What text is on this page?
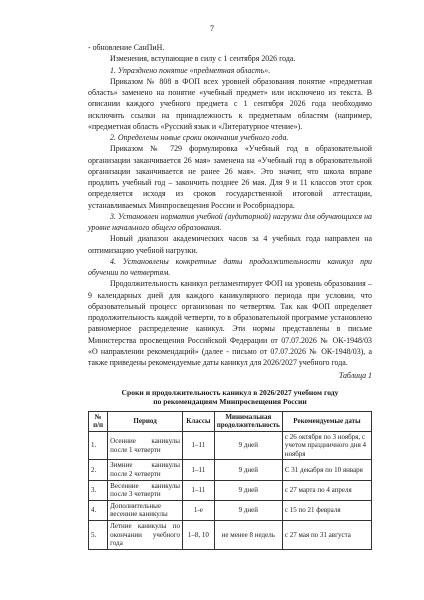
7

- обновление СанПиН.

Изменения, вступающие в силу с 1 сентября 2026 года.

1. Упразднено понятие «предметная область».

Приказом № 808 в ФОП всех уровней образования понятие «предметная область» заменено на понятие «учебный предмет» или исключено из текста. В описании каждого учебного предмета с 1 сентября 2026 года необходимо исключить ссылки на принадлежность к предметным областям (например, «предметная область «Русский язык и «Литературное чтение»).

2. Определены новые сроки окончания учебного года.

Приказом № 729 формулировка «Учебный год в образовательной организации заканчивается 26 мая» заменена на «Учебный год в образовательной организации заканчивается не ранее 26 мая». Это значит, что школа вправе продлить учебный год – закончить позднее 26 мая. Для 9 и 11 классов этот срок определяется исходя из сроков государственной итоговой аттестации, устанавливаемых Минпросвещения России и Рособрнадзора.

3. Установлен норматив учебной (аудиторной) нагрузки для обучающихся на уровне начального общего образования.

Новый диапазон академических часов за 4 учебных года направлен на оптимизацию учебной нагрузки.

4. Установлены конкретные даты продолжительности каникул при обучении по четвертям.

Продолжительность каникул регламентирует ФОП на уровень образования – 9 календарных дней для каждого каникулярного периода при условии, что образовательный процесс организован по четвертям. Так как ФОП определяет продолжительность каждой четверти, то в образовательной программе установлено равномерное распределение каникул. Эти нормы представлены в письме Министерства просвещения Российской Федерации от 07.07.2026 № ОК-1948/03 «О направлении рекомендаций» (далее - письмо от 07.07.2026 № ОК-1948/03), а также приведены рекомендуемые даты каникул для 2026/2027 учебного года.

Таблица 1
Сроки и продолжительность каникул в 2026/2027 учебном году
по рекомендациям Минпросвещения России
№ п/п	Период	Классы	Минимальная продолжительность	Рекомендуемые даты
1.	Осенние каникулы после 1 четверти	1–11	9 дней	с 26 октября по 3 ноября, с учетом праздничного дня 4 ноября
2.	Зимние каникулы после 2 четверти	1–11	9 дней	С 31 декабря по 10 января
3.	Весенние каникулы после 3 четверти	1–11	9 дней	с 27 марта по 4 апреля
4.	Дополнительные весенние каникулы	1-е	9 дней	с 15 по 21 февраля
5.	Летние каникулы по окончании учебного года	1–8, 10	не менее 8 недель	с 27 мая по 31 августа
